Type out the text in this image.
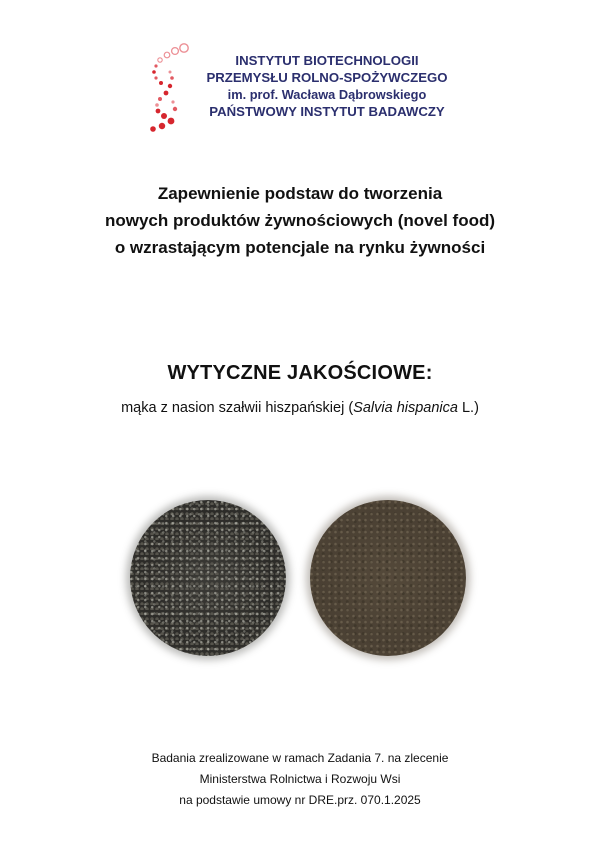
INSTYTUT BIOTECHNOLOGII
PRZEMYSŁU ROLNO-SPOŻYWCZEGO
im. prof. Wacława Dąbrowskiego
PAŃSTWOWY INSTYTUT BADAWCZY
Zapewnienie podstaw do tworzenia
nowych produktów żywnościowych (novel food)
o wzrastającym potencjale na rynku żywności
WYTYCZNE JAKOŚCIOWE:
mąka z nasion szałwii hiszpańskiej (Salvia hispanica L.)
Badania zrealizowane w ramach Zadania 7. na zlecenie
Ministerstwa Rolnictwa i Rozwoju Wsi
na podstawie umowy nr DRE.prz. 070.1.2025
